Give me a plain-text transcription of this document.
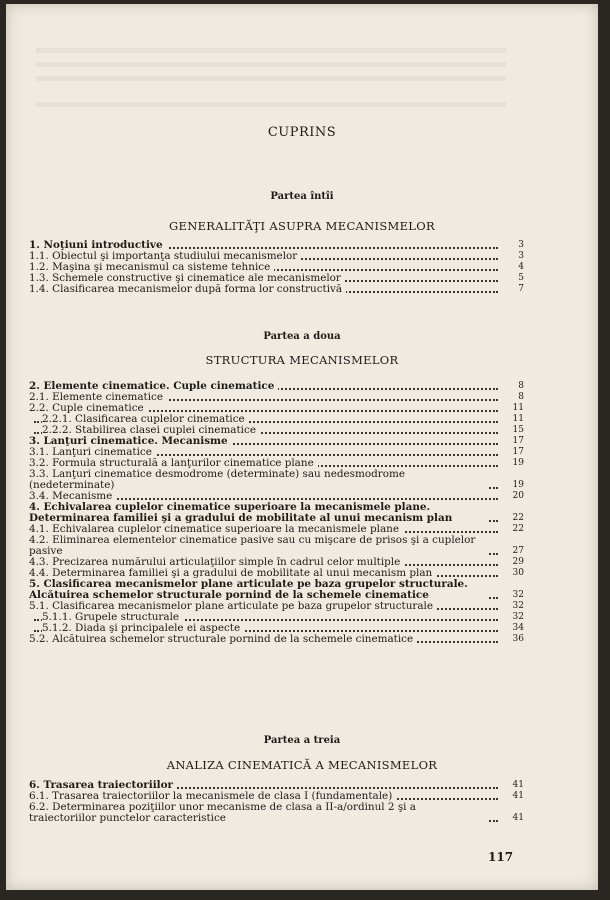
CUPRINS
Partea întîi
GENERALITĂŢI ASUPRA MECANISMELOR
1. Noţiuni introductive	3
1.1. Obiectul şi importanţa studiului mecanismelor	3
1.2. Maşina şi mecanismul ca sisteme tehnice	4
1.3. Schemele constructive şi cinematice ale mecanismelor	5
1.4. Clasificarea mecanismelor după forma lor constructivă	7
Partea a doua
STRUCTURA MECANISMELOR
2. Elemente cinematice. Cuple cinematice	8
2.1. Elemente cinematice	8
2.2. Cuple cinematice	11
2.2.1. Clasificarea cuplelor cinematice	11
2.2.2. Stabilirea clasei cuplei cinematice	15
3. Lanţuri cinematice. Mecanisme	17
3.1. Lanţuri cinematice	17
3.2. Formula structurală a lanţurilor cinematice plane	19
3.3. Lanţuri cinematice desmodrome (determinate) sau nedesmodrome (nedeterminate)	19
3.4. Mecanisme	20
4. Echivalarea cuplelor cinematice superioare la mecanismele plane. Determinarea familiei şi a gradului de mobilitate al unui mecanism plan	22
4.1. Echivalarea cuplelor cinematice superioare la mecanismele plane	22
4.2. Eliminarea elementelor cinematice pasive sau cu mişcare de prisos şi a cuplelor pasive	27
4.3. Precizarea numărului articulaţiilor simple în cadrul celor multiple	29
4.4. Determinarea familiei şi a gradului de mobilitate al unui mecanism plan	30
5. Clasificarea mecanismelor plane articulate pe baza grupelor structurale. Alcătuirea schemelor structurale pornind de la schemele cinematice	32
5.1. Clasificarea mecanismelor plane articulate pe baza grupelor structurale	32
5.1.1. Grupele structurale	32
5.1.2. Diada şi principalele ei aspecte	34
5.2. Alcătuirea schemelor structurale pornind de la schemele cinematice	36
Partea a treia
ANALIZA CINEMATICĂ A MECANISMELOR
6. Trasarea traiectoriilor	41
6.1. Trasarea traiectoriilor la mecanismele de clasa I (fundamentale)	41
6.2. Determinarea poziţiilor unor mecanisme de clasa a II-a/ordinul 2 şi a traiectoriilor punctelor caracteristice	41
117
